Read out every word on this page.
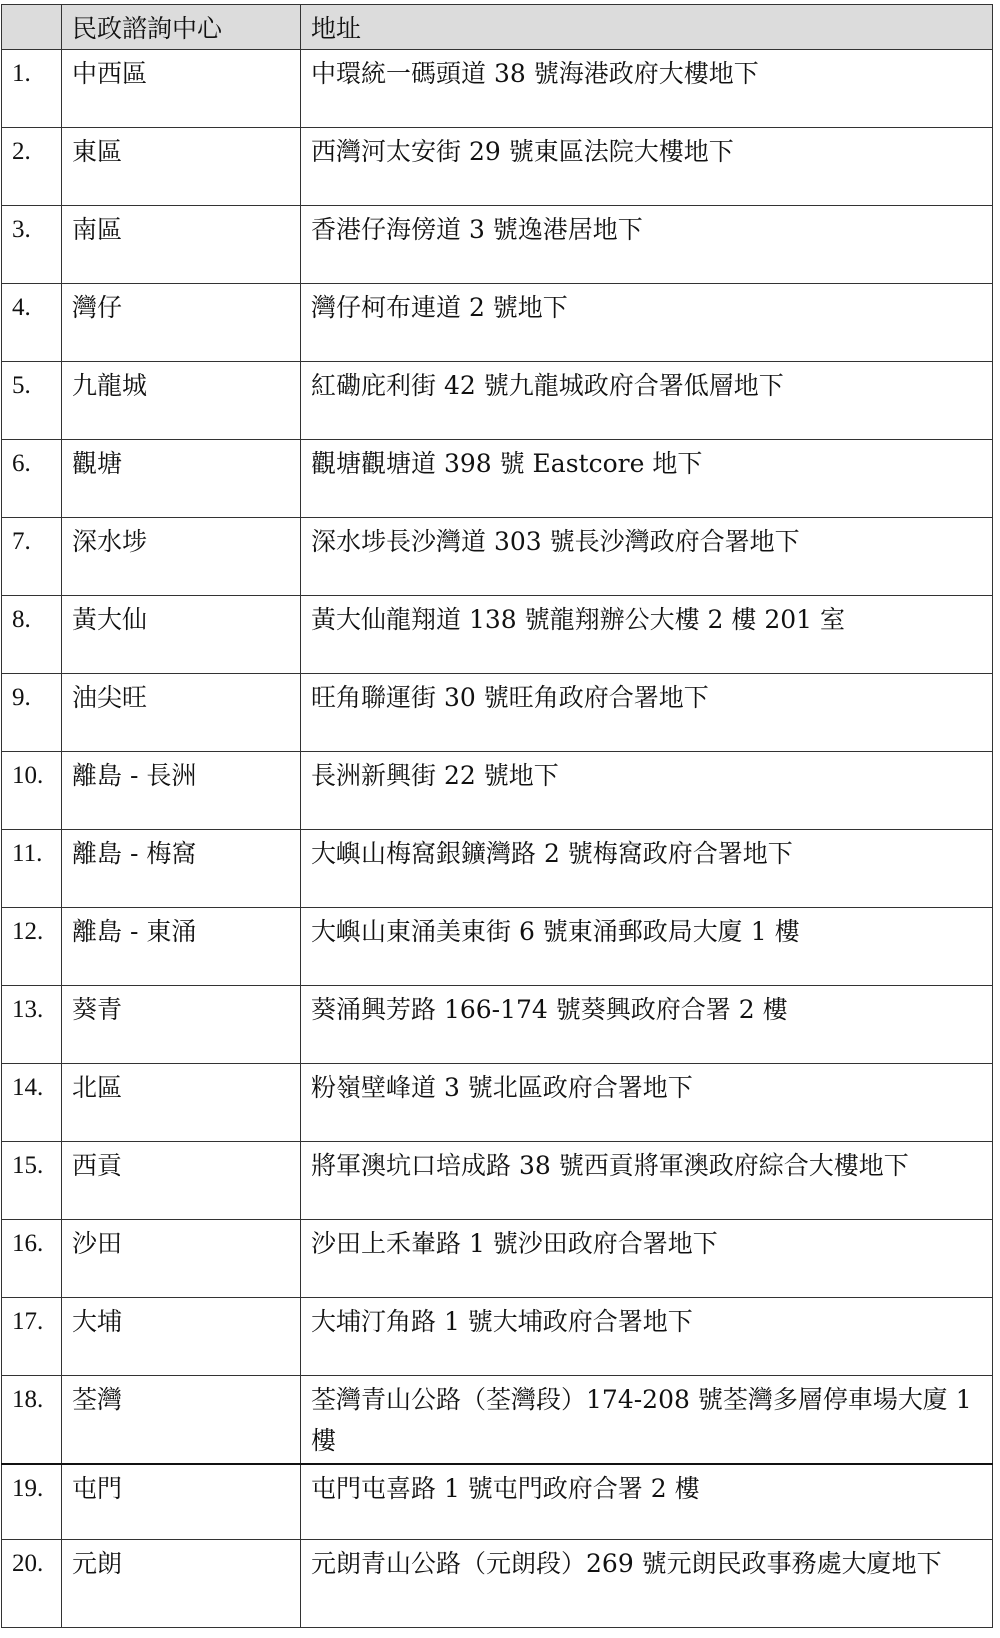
	民政諮詢中心	地址
1.	中西區	中環統一碼頭道 38 號海港政府大樓地下
2.	東區	西灣河太安街 29 號東區法院大樓地下
3.	南區	香港仔海傍道 3 號逸港居地下
4.	灣仔	灣仔柯布連道 2 號地下
5.	九龍城	紅磡庇利街 42 號九龍城政府合署低層地下
6.	觀塘	觀塘觀塘道 398 號 Eastcore 地下
7.	深水埗	深水埗長沙灣道 303 號長沙灣政府合署地下
8.	黃大仙	黃大仙龍翔道 138 號龍翔辦公大樓 2 樓 201 室
9.	油尖旺	旺角聯運街 30 號旺角政府合署地下
10.	離島 - 長洲	長洲新興街 22 號地下
11.	離島 - 梅窩	大嶼山梅窩銀鑛灣路 2 號梅窩政府合署地下
12.	離島 - 東涌	大嶼山東涌美東街 6 號東涌郵政局大廈 1 樓
13.	葵青	葵涌興芳路 166-174 號葵興政府合署 2 樓
14.	北區	粉嶺壁峰道 3 號北區政府合署地下
15.	西貢	將軍澳坑口培成路 38 號西貢將軍澳政府綜合大樓地下
16.	沙田	沙田上禾輋路 1 號沙田政府合署地下
17.	大埔	大埔汀角路 1 號大埔政府合署地下
18.	荃灣	荃灣青山公路（荃灣段）174-208 號荃灣多層停車場大廈 1 樓
19.	屯門	屯門屯喜路 1 號屯門政府合署 2 樓
20.	元朗	元朗青山公路（元朗段）269 號元朗民政事務處大廈地下
